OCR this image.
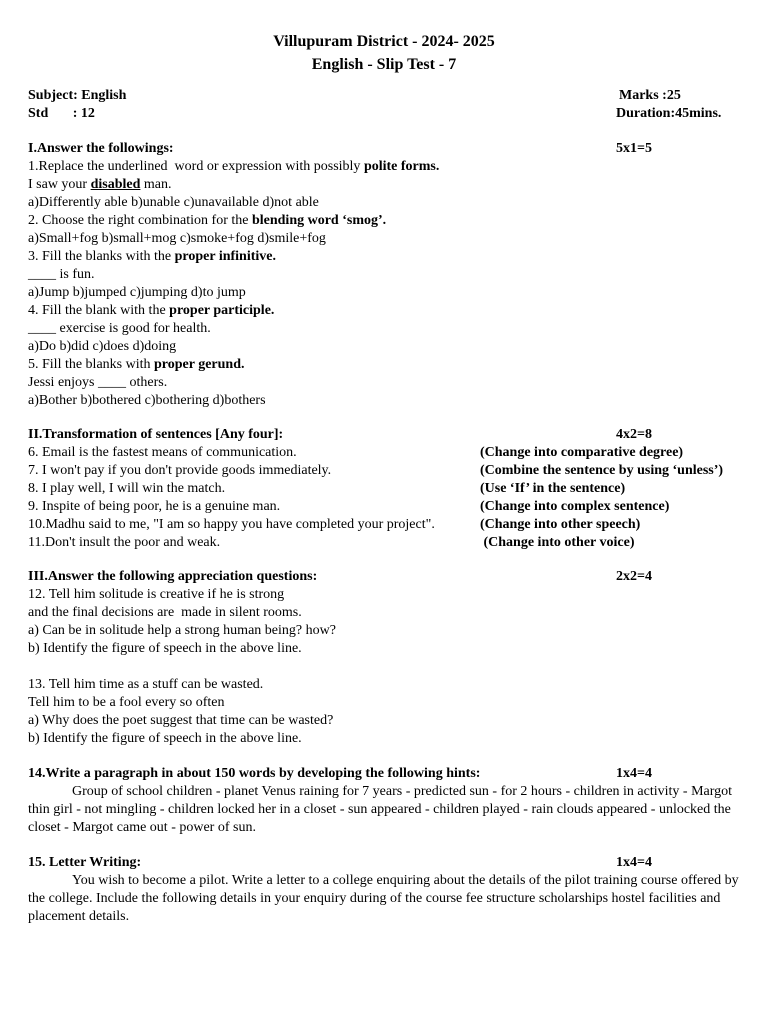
Villupuram District - 2024- 2025
English - Slip Test - 7
Subject: English
Std       : 12
Marks :25
Duration:45mins.
I.Answer the followings:	5x1=5
1.Replace the underlined  word or expression with possibly polite forms.
I saw your disabled man.
a)Differently able b)unable c)unavailable d)not able
2. Choose the right combination for the blending word ‘smog’.
a)Small+fog b)small+mog c)smoke+fog d)smile+fog
3. Fill the blanks with the proper infinitive.
____ is fun.
a)Jump b)jumped c)jumping d)to jump
4. Fill the blank with the proper participle.
____ exercise is good for health.
a)Do b)did c)does d)doing
5. Fill the blanks with proper gerund.
Jessi enjoys ____ others.
a)Bother b)bothered c)bothering d)bothers
II.Transformation of sentences [Any four]:	4x2=8
6. Email is the fastest means of communication.	(Change into comparative degree)
7. I won't pay if you don't provide goods immediately.	(Combine the sentence by using ‘unless’)
8. I play well, I will win the match.	(Use ‘If’ in the sentence)
9. Inspite of being poor, he is a genuine man.	(Change into complex sentence)
10.Madhu said to me, "I am so happy you have completed your project".	(Change into other speech)
11.Don't insult the poor and weak.	(Change into other voice)
III.Answer the following appreciation questions:	2x2=4
12. Tell him solitude is creative if he is strong
and the final decisions are  made in silent rooms.
a) Can be in solitude help a strong human being? how?
b) Identify the figure of speech in the above line.
13. Tell him time as a stuff can be wasted.
Tell him to be a fool every so often
a) Why does the poet suggest that time can be wasted?
b) Identify the figure of speech in the above line.
14.Write a paragraph in about 150 words by developing the following hints:	1x4=4
Group of school children - planet Venus raining for 7 years - predicted sun - for 2 hours - children in activity - Margot thin girl - not mingling - children locked her in a closet - sun appeared - children played - rain clouds appeared - unlocked the closet - Margot came out - power of sun.
15. Letter Writing:	1x4=4
You wish to become a pilot. Write a letter to a college enquiring about the details of the pilot training course offered by the college. Include the following details in your enquiry during of the course fee structure scholarships hostel facilities and placement details.
